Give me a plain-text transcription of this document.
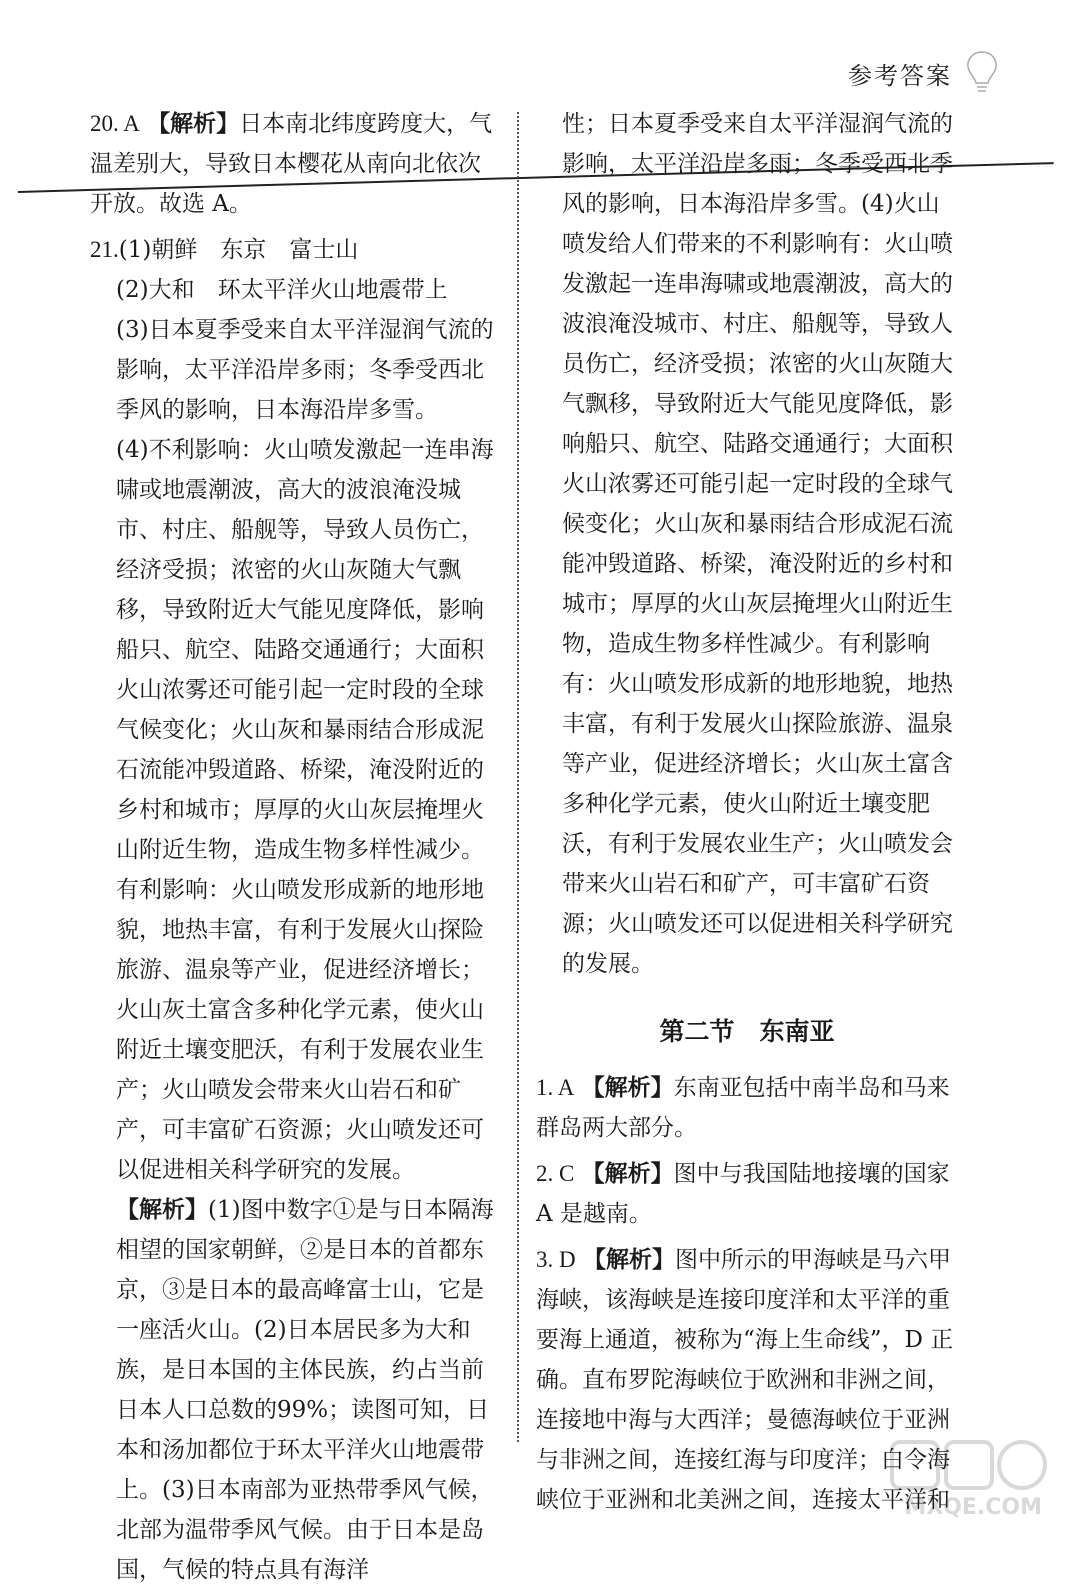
参考答案
20. A 【解析】日本南北纬度跨度大，气温差别大，导致日本樱花从南向北依次开放。故选 A。
21.(1)朝鲜　东京　富士山
(2)大和　环太平洋火山地震带上
(3)日本夏季受来自太平洋湿润气流的影响，太平洋沿岸多雨；冬季受西北季风的影响，日本海沿岸多雪。
(4)不利影响：火山喷发激起一连串海啸或地震潮波，高大的波浪淹没城市、村庄、船舰等，导致人员伤亡，经济受损；浓密的火山灰随大气飘移，导致附近大气能见度降低，影响船只、航空、陆路交通通行；大面积火山浓雾还可能引起一定时段的全球气候变化；火山灰和暴雨结合形成泥石流能冲毁道路、桥梁，淹没附近的乡村和城市；厚厚的火山灰层掩埋火山附近生物，造成生物多样性减少。
有利影响：火山喷发形成新的地形地貌，地热丰富，有利于发展火山探险旅游、温泉等产业，促进经济增长；火山灰土富含多种化学元素，使火山附近土壤变肥沃，有利于发展农业生产；火山喷发会带来火山岩石和矿产，可丰富矿石资源；火山喷发还可以促进相关科学研究的发展。
【解析】(1)图中数字①是与日本隔海相望的国家朝鲜，②是日本的首都东京，③是日本的最高峰富士山，它是一座活火山。(2)日本居民多为大和族，是日本国的主体民族，约占当前日本人口总数的99%；读图可知，日本和汤加都位于环太平洋火山地震带上。(3)日本南部为亚热带季风气候，北部为温带季风气候。由于日本是岛国，气候的特点具有海洋
性；日本夏季受来自太平洋湿润气流的影响，太平洋沿岸多雨；冬季受西北季风的影响，日本海沿岸多雪。(4)火山喷发给人们带来的不利影响有：火山喷发激起一连串海啸或地震潮波，高大的波浪淹没城市、村庄、船舰等，导致人员伤亡，经济受损；浓密的火山灰随大气飘移，导致附近大气能见度降低，影响船只、航空、陆路交通通行；大面积火山浓雾还可能引起一定时段的全球气候变化；火山灰和暴雨结合形成泥石流能冲毁道路、桥梁，淹没附近的乡村和城市；厚厚的火山灰层掩埋火山附近生物，造成生物多样性减少。有利影响有：火山喷发形成新的地形地貌，地热丰富，有利于发展火山探险旅游、温泉等产业，促进经济增长；火山灰土富含多种化学元素，使火山附近土壤变肥沃，有利于发展农业生产；火山喷发会带来火山岩石和矿产，可丰富矿石资源；火山喷发还可以促进相关科学研究的发展。
第二节　东南亚
1. A 【解析】东南亚包括中南半岛和马来群岛两大部分。
2. C 【解析】图中与我国陆地接壤的国家 A 是越南。
3. D 【解析】图中所示的甲海峡是马六甲海峡，该海峡是连接印度洋和太平洋的重要海上通道，被称为“海上生命线”，D 正确。直布罗陀海峡位于欧洲和非洲之间，连接地中海与大西洋；曼德海峡位于亚洲与非洲之间，连接红海与印度洋；白令海峡位于亚洲和北美洲之间，连接太平洋和
MXQE.COM
